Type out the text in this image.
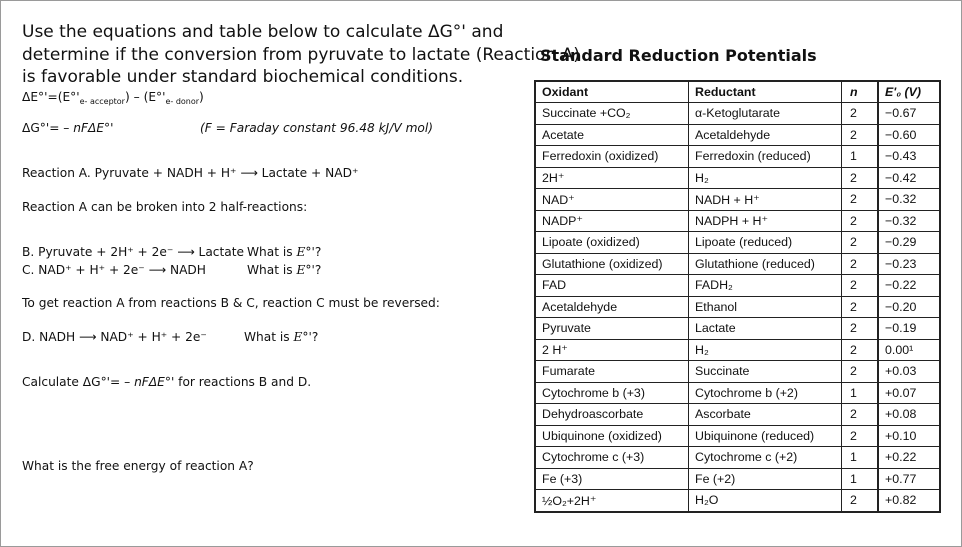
Use the equations and table below to calculate ΔG°' and
determine if the conversion from pyruvate to lactate (Reaction A)
is favorable under standard biochemical conditions.
$\Delta E^\circ'=(E^\circ'_{e- acceptor}) - (E^\circ'_{e- donor})$
ΔG°'= – nFΔE°'	(F = Faraday constant 96.48 kJ/V mol)
Reaction A. Pyruvate + NADH + H⁺ ⟶ Lactate + NAD⁺
Reaction A can be broken into 2 half-reactions:
B. Pyruvate + 2H⁺ + 2e⁻ ⟶ Lactate What is E°'?
C. NAD⁺ + H⁺ + 2e⁻ ⟶ NADH	What is E°'?
To get reaction A from reactions B & C, reaction C must be reversed:
D. NADH ⟶ NAD⁺ + H⁺ + 2e⁻	What is E°'?
Calculate ΔG°'= – nFΔE°' for reactions B and D.
What is the free energy of reaction A?
Standard Reduction Potentials
Oxidant	Reductant	n	E'₀ (V)
Succinate +CO₂	α-Ketoglutarate	2	−0.67
Acetate	Acetaldehyde	2	−0.60
Ferredoxin (oxidized)	Ferredoxin (reduced)	1	−0.43
2H⁺	H₂	2	−0.42
NAD⁺	NADH + H⁺	2	−0.32
NADP⁺	NADPH + H⁺	2	−0.32
Lipoate (oxidized)	Lipoate (reduced)	2	−0.29
Glutathione (oxidized)	Glutathione (reduced)	2	−0.23
FAD	FADH₂	2	−0.22
Acetaldehyde	Ethanol	2	−0.20
Pyruvate	Lactate	2	−0.19
2 H⁺	H₂	2	0.00¹
Fumarate	Succinate	2	+0.03
Cytochrome b (+3)	Cytochrome b (+2)	1	+0.07
Dehydroascorbate	Ascorbate	2	+0.08
Ubiquinone (oxidized)	Ubiquinone (reduced)	2	+0.10
Cytochrome c (+3)	Cytochrome c (+2)	1	+0.22
Fe (+3)	Fe (+2)	1	+0.77
½O₂+2H⁺	H₂O	2	+0.82
